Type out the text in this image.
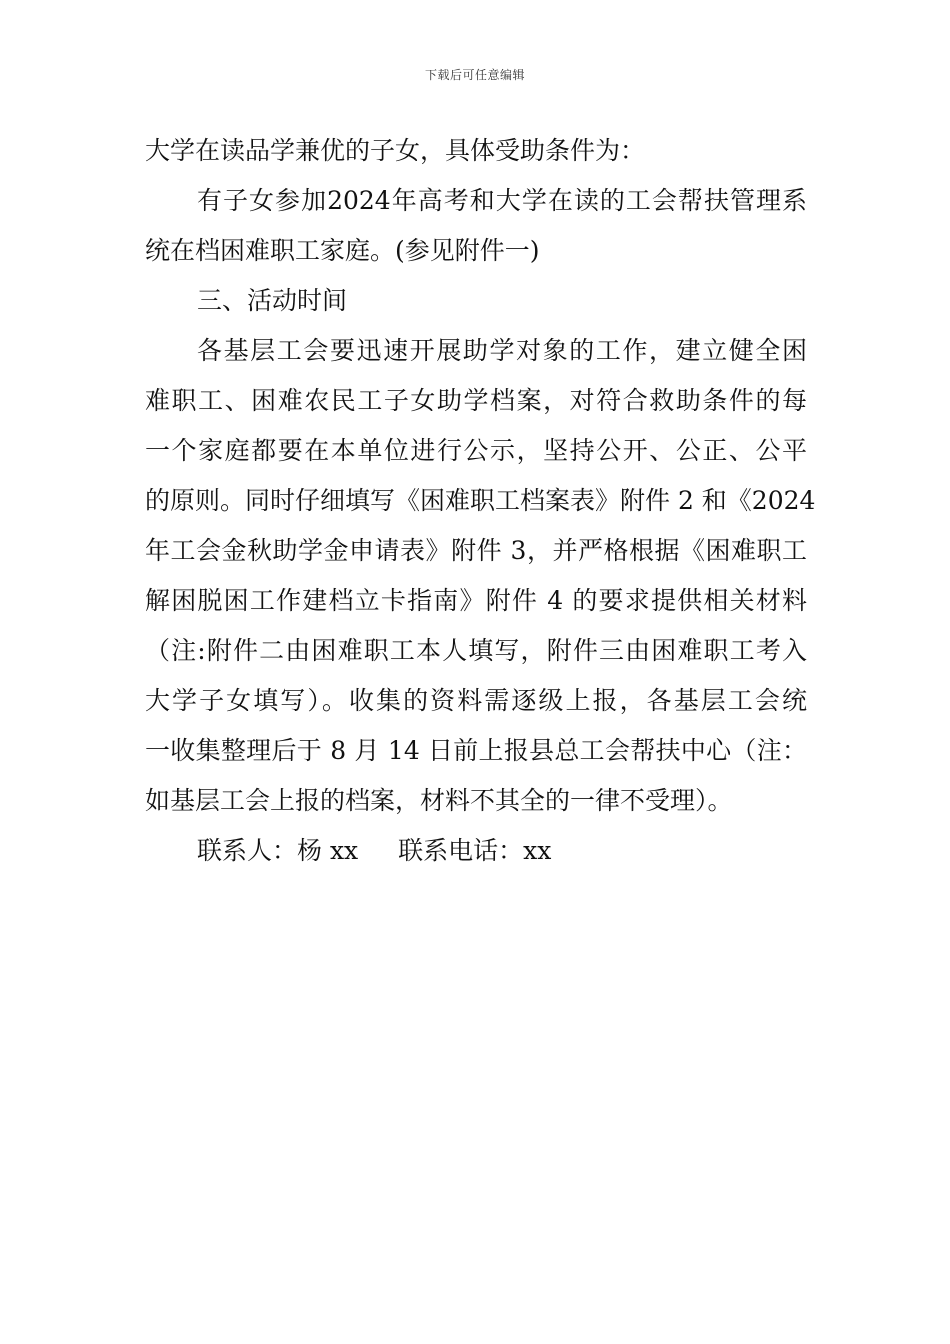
下载后可任意编辑
大学在读品学兼优的子女，具体受助条件为：
有子女参加2024年高考和大学在读的工会帮扶管理系
统在档困难职工家庭。(参见附件一)
三、活动时间
各基层工会要迅速开展助学对象的工作，建立健全困
难职工、困难农民工子女助学档案，对符合救助条件的每
一个家庭都要在本单位进行公示，坚持公开、公正、公平
的原则。同时仔细填写《困难职工档案表》附件 2 和《2024
年工会金秋助学金申请表》附件 3，并严格根据《困难职工
解困脱困工作建档立卡指南》附件 4 的要求提供相关材料
（注:附件二由困难职工本人填写，附件三由困难职工考入
大学子女填写）。收集的资料需逐级上报，各基层工会统
一收集整理后于 8 月 14 日前上报县总工会帮扶中心（注：
如基层工会上报的档案，材料不其全的一律不受理）。
联系人：杨 xx 联系电话：xx
